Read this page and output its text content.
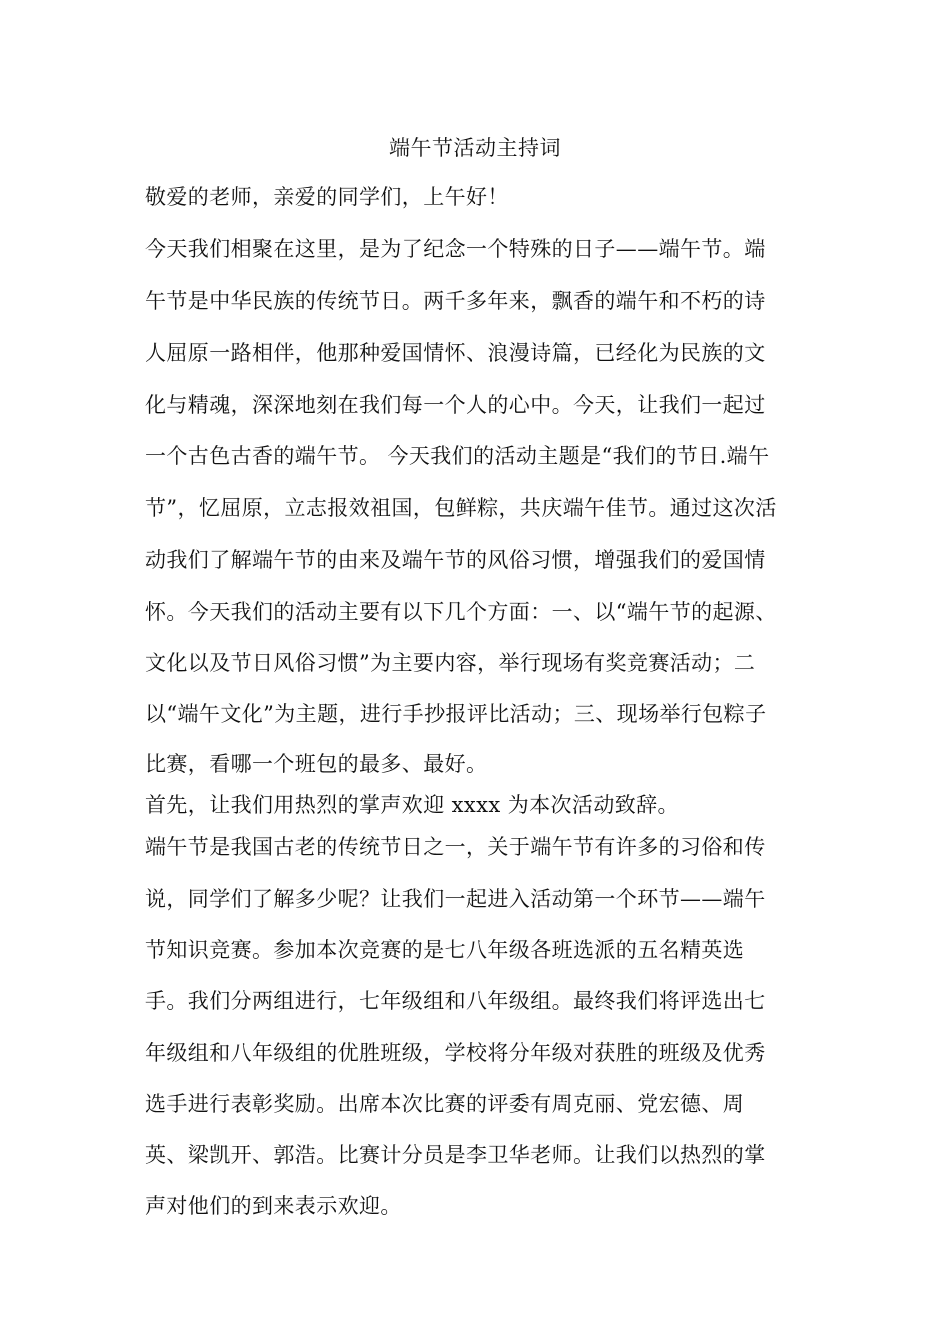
端午节活动主持词
敬爱的老师，亲爱的同学们，上午好！
今天我们相聚在这里，是为了纪念一个特殊的日子——端午节。端
午节是中华民族的传统节日。两千多年来，飘香的端午和不朽的诗
人屈原一路相伴，他那种爱国情怀、浪漫诗篇，已经化为民族的文
化与精魂，深深地刻在我们每一个人的心中。今天，让我们一起过
一个古色古香的端午节。 今天我们的活动主题是“我们的节日.端午
节”，忆屈原，立志报效祖国，包鲜粽，共庆端午佳节。通过这次活
动我们了解端午节的由来及端午节的风俗习惯，增强我们的爱国情
怀。今天我们的活动主要有以下几个方面：一、以“端午节的起源、
文化以及节日风俗习惯”为主要内容，举行现场有奖竞赛活动；二
以“端午文化”为主题，进行手抄报评比活动；三、现场举行包粽子
比赛，看哪一个班包的最多、最好。
首先，让我们用热烈的掌声欢迎 xxxx 为本次活动致辞。
端午节是我国古老的传统节日之一，关于端午节有许多的习俗和传
说，同学们了解多少呢？让我们一起进入活动第一个环节——端午
节知识竞赛。参加本次竞赛的是七八年级各班选派的五名精英选
手。我们分两组进行，七年级组和八年级组。最终我们将评选出七
年级组和八年级组的优胜班级，学校将分年级对获胜的班级及优秀
选手进行表彰奖励。出席本次比赛的评委有周克丽、党宏德、周
英、梁凯开、郭浩。比赛计分员是李卫华老师。让我们以热烈的掌
声对他们的到来表示欢迎。
